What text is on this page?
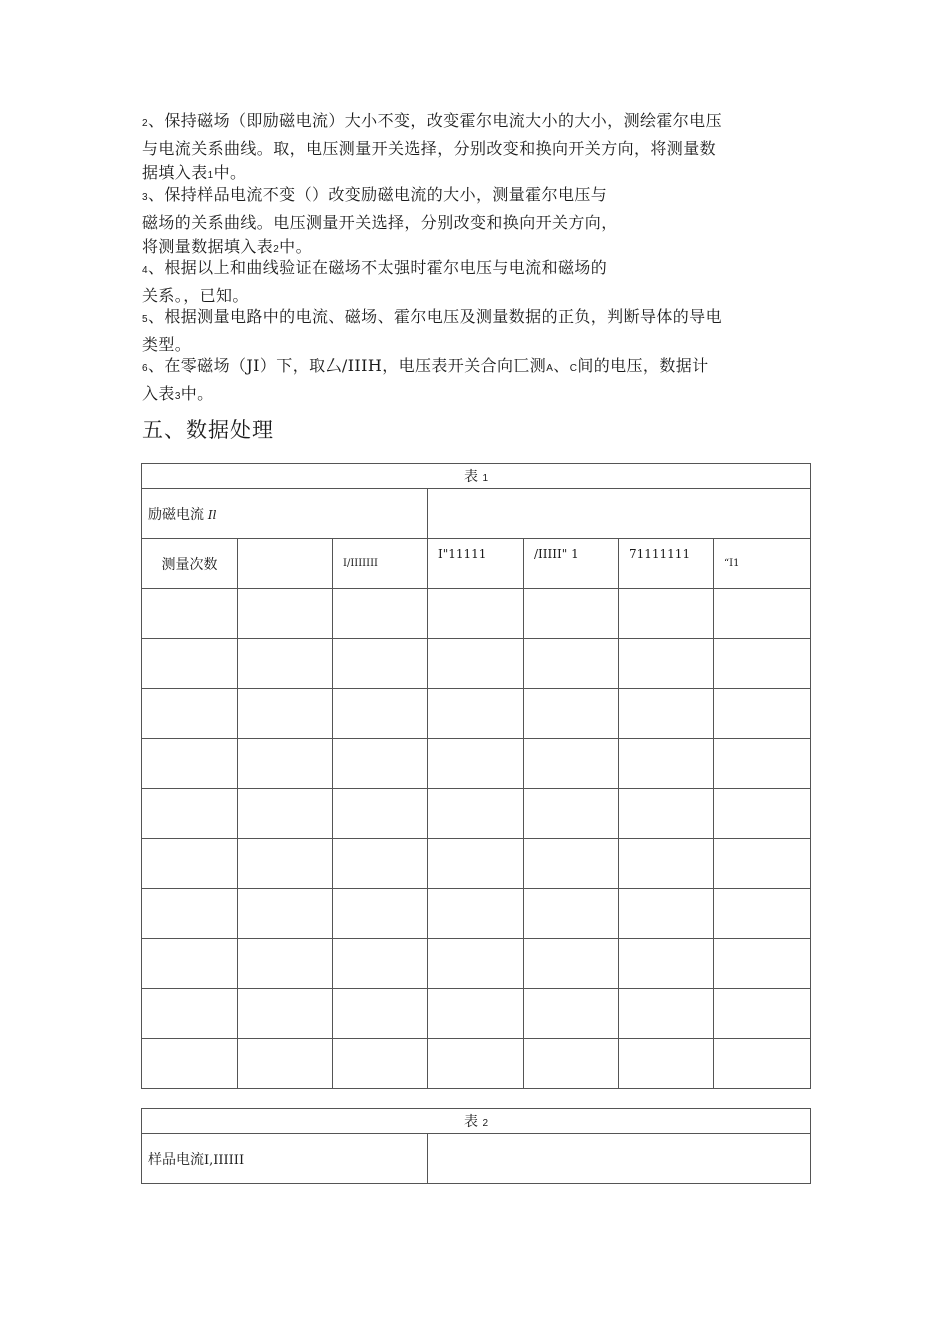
2、保持磁场（即励磁电流）大小不变，改变霍尔电流大小的大小，测绘霍尔电压
与电流关系曲线。取，电压测量开关选择，分别改变和换向开关方向，将测量数
据填入表1中。

3、保持样品电流不变（）改变励磁电流的大小，测量霍尔电压与
磁场的关系曲线。电压测量开关选择，分别改变和换向开关方向，
将测量数据填入表2中。

4、根据以上和曲线验证在磁场不太强时霍尔电压与电流和磁场的
关系。，已知。

5、根据测量电路中的电流、磁场、霍尔电压及测量数据的正负，判断导体的导电
类型。

6、在零磁场（JI）下，取厶/IIIH，电压表开关合向匸测A、C间的电压，数据计
入表3中。

五、数据处理
表 1						
励磁电流 Il						
测量次数		I/IIIIIII	I"11111	/IIIII" 1	71111111	“I1

表 2
样品电流I,IIIIII	
